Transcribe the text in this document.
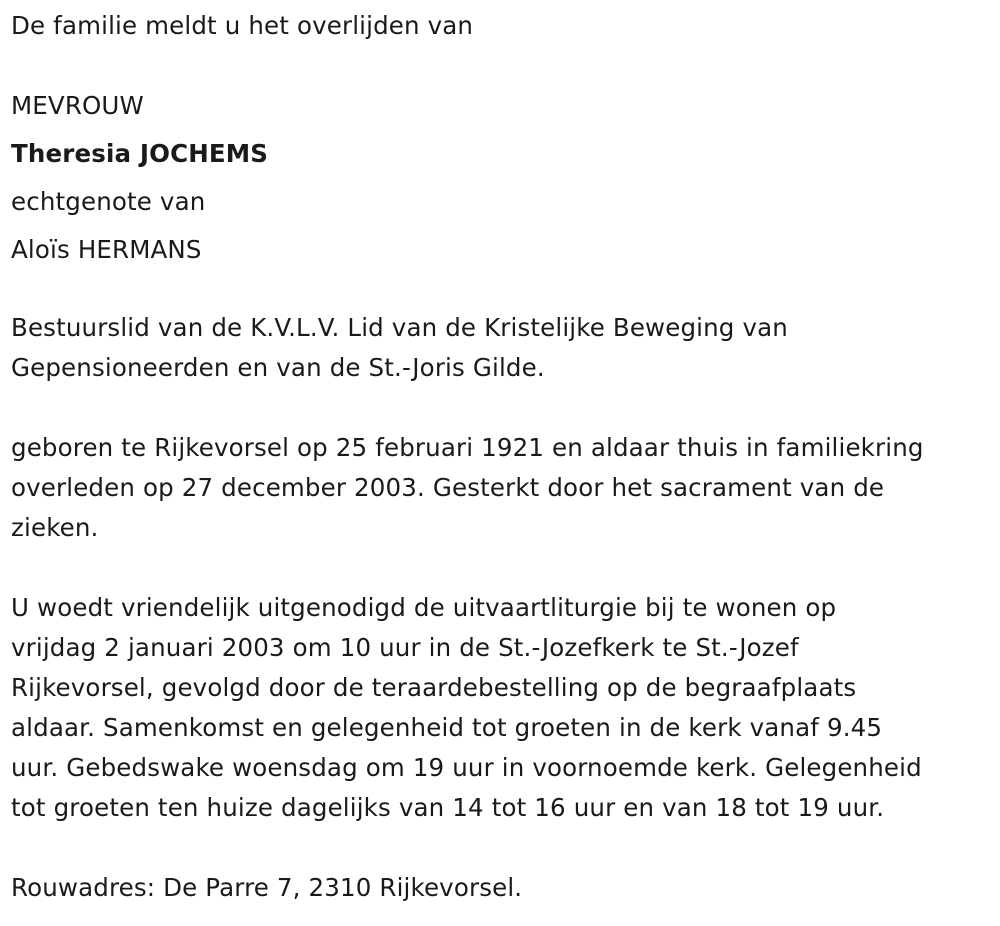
De familie meldt u het overlijden van
MEVROUW
Theresia JOCHEMS
echtgenote van
Aloïs HERMANS
Bestuurslid van de K.V.L.V. Lid van de Kristelijke Beweging van
Gepensioneerden en van de St.-Joris Gilde.
geboren te Rijkevorsel op 25 februari 1921 en aldaar thuis in familiekring
overleden op 27 december 2003. Gesterkt door het sacrament van de
zieken.
U woedt vriendelijk uitgenodigd de uitvaartliturgie bij te wonen op
vrijdag 2 januari 2003 om 10 uur in de St.-Jozefkerk te St.-Jozef
Rijkevorsel, gevolgd door de teraardebestelling op de begraafplaats
aldaar. Samenkomst en gelegenheid tot groeten in de kerk vanaf 9.45
uur. Gebedswake woensdag om 19 uur in voornoemde kerk. Gelegenheid
tot groeten ten huize dagelijks van 14 tot 16 uur en van 18 tot 19 uur.
Rouwadres: De Parre 7, 2310 Rijkevorsel.
